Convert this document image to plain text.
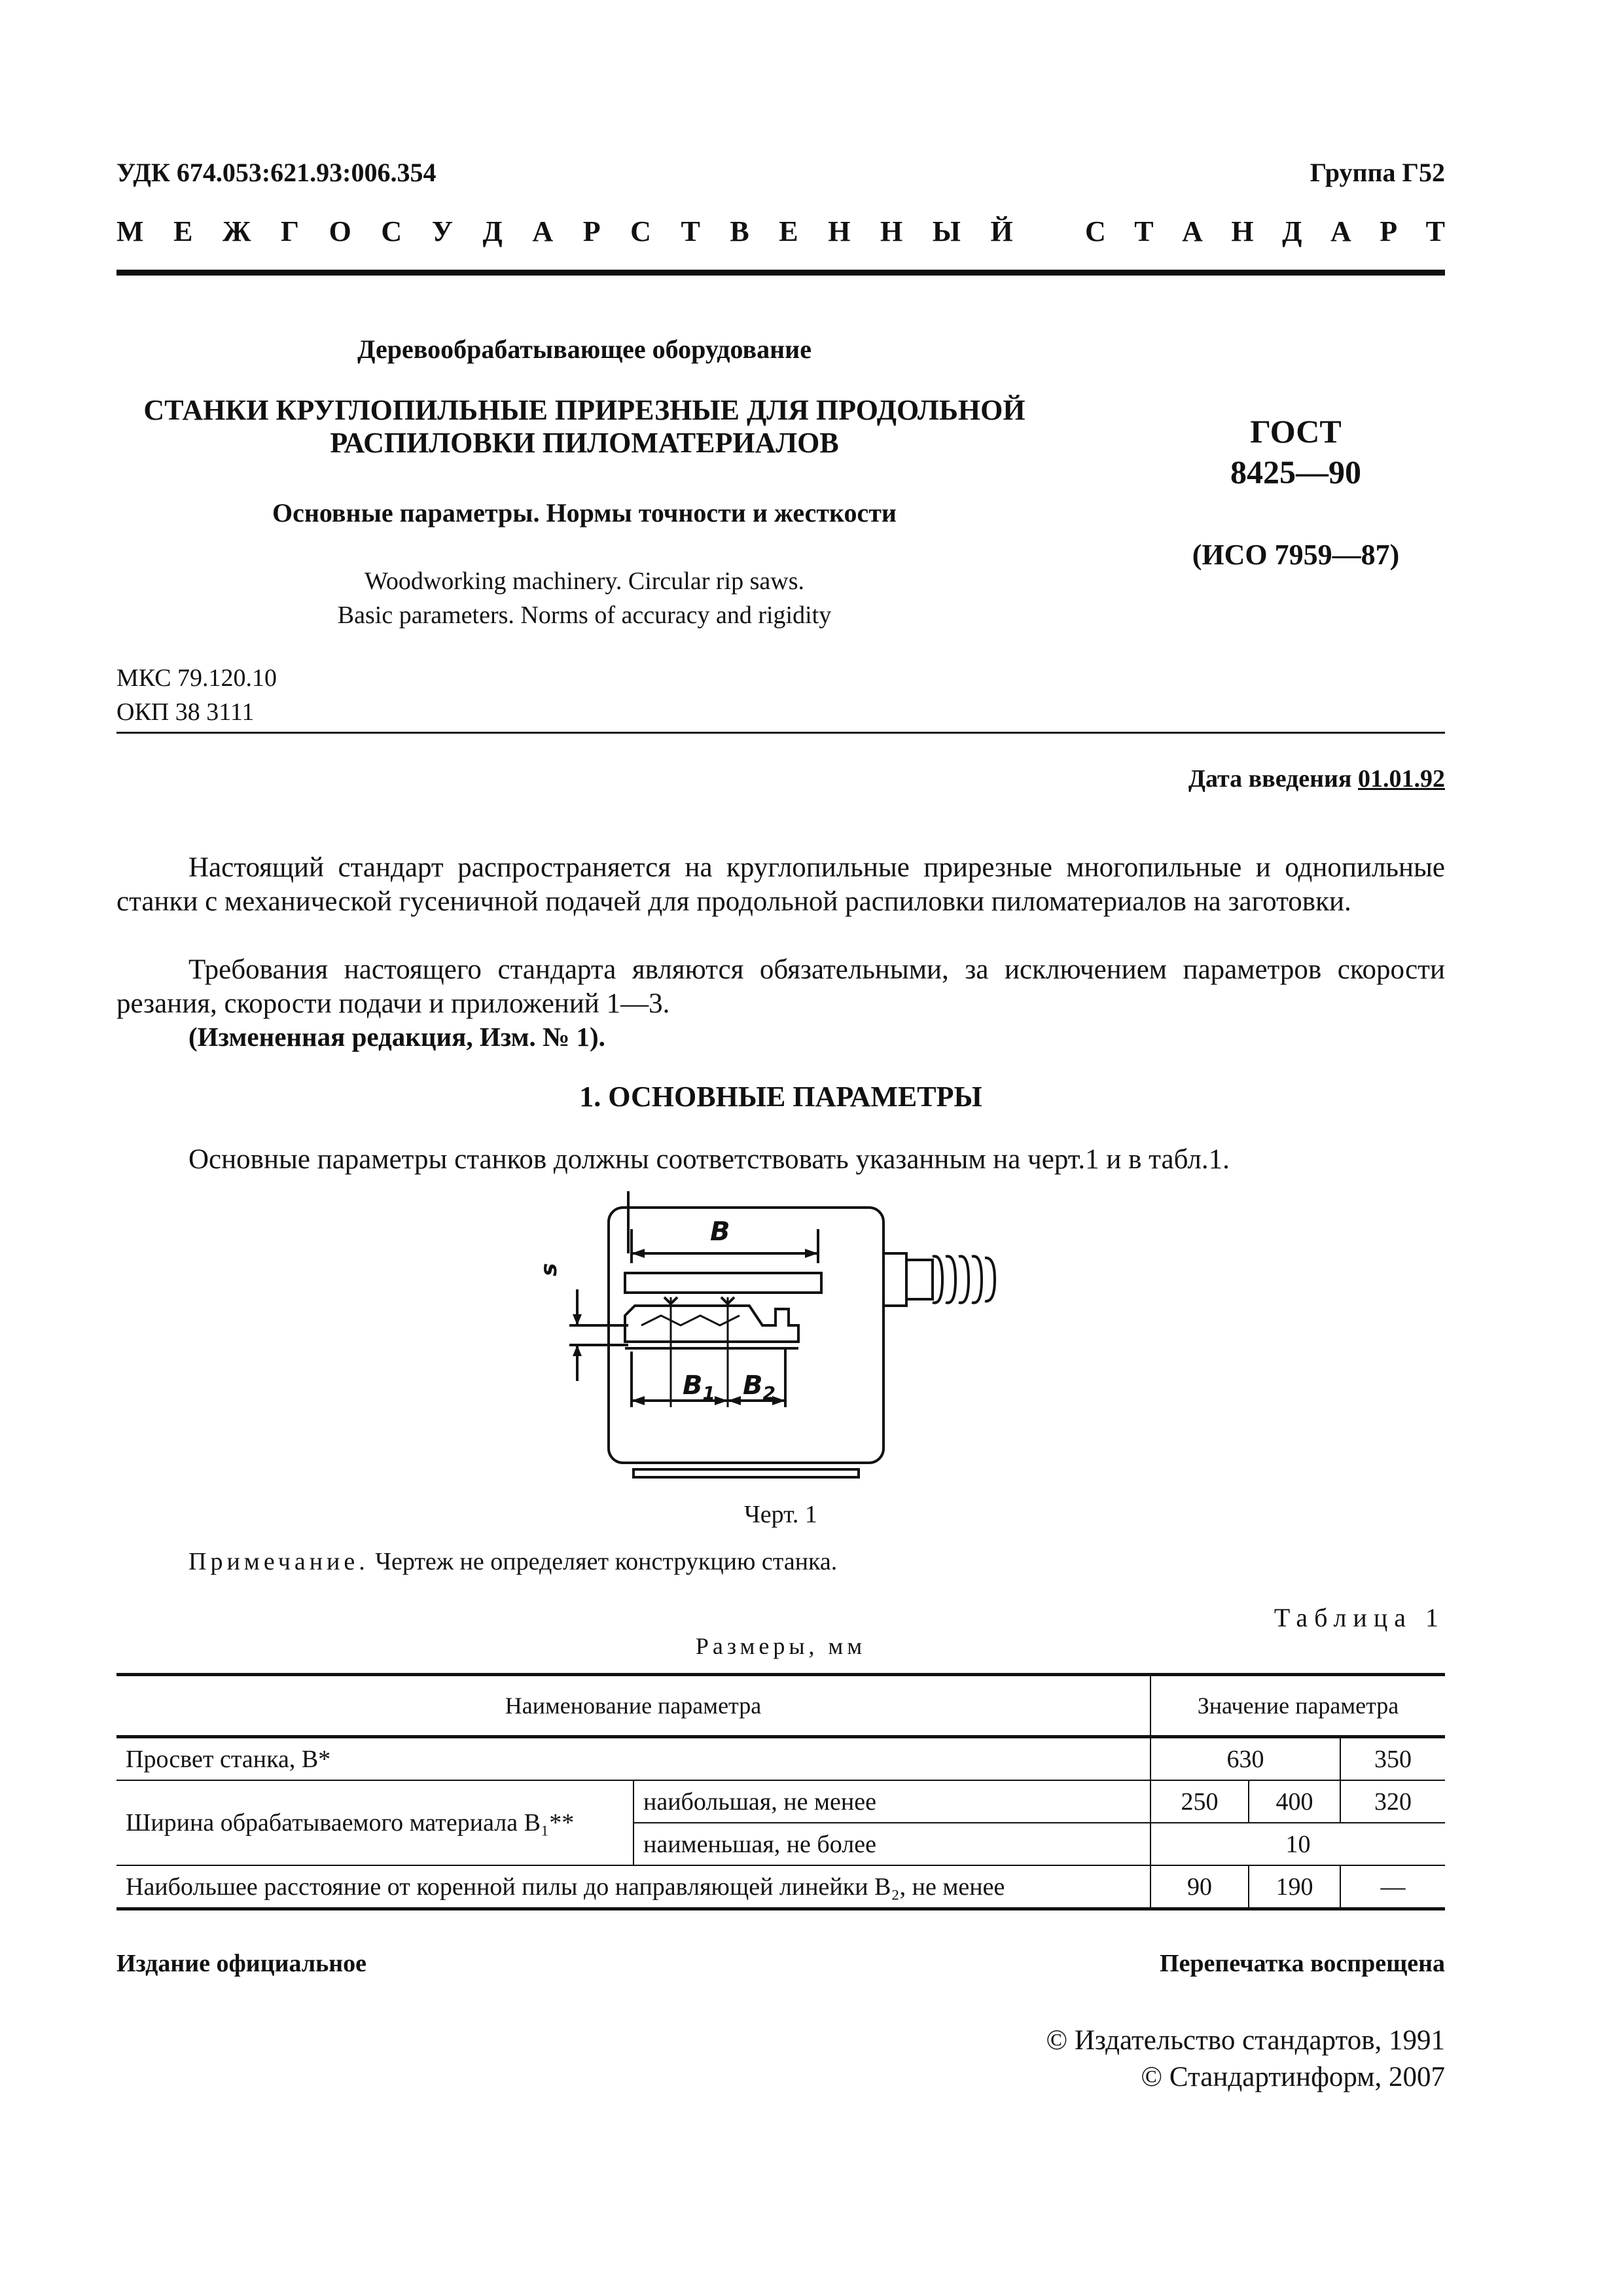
УДК 674.053:621.93:006.354	Группа Г52
М Е Ж Г О С У Д А Р С Т В Е Н Н Ы Й	С Т А Н Д А Р Т
Деревообрабатывающее оборудование
СТАНКИ КРУГЛОПИЛЬНЫЕ ПРИРЕЗНЫЕ ДЛЯ ПРОДОЛЬНОЙ
РАСПИЛОВКИ ПИЛОМАТЕРИАЛОВ
Основные параметры. Нормы точности и жесткости
Woodworking machinery. Circular rip saws.
Basic parameters. Norms of accuracy and rigidity
ГОСТ
8425—90
(ИСО 7959—87)
МКС 79.120.10
ОКП 38 3111
Дата введения 01.01.92
Настоящий стандарт распространяется на круглопильные прирезные многопильные и однопильные станки с механической гусеничной подачей для продольной распиловки пиломатериалов на заготовки.
Требования настоящего стандарта являются обязательными, за исключением параметров скорости резания, скорости подачи и приложений 1—3.
(Измененная редакция, Изм. № 1).
1. ОСНОВНЫЕ ПАРАМЕТРЫ
Основные параметры станков должны соответствовать указанным на черт.1 и в табл.1.
B
$B_1$ $B_2$
s
Черт. 1
Примечание. Чертеж не определяет конструкцию станка.
Таблица 1
Размеры, мм
Наименование параметра		Значение параметра		
Просвет станка, B*		630		350
Ширина обрабатываемого материала B₁**	наибольшая, не менее	250	400	320
	наименьшая, не более	10		
Наибольшее расстояние от коренной пилы до направляющей линейки B₂, не менее		90	190	—
Издание официальное	Перепечатка воспрещена
© Издательство стандартов, 1991
© Стандартинформ, 2007
